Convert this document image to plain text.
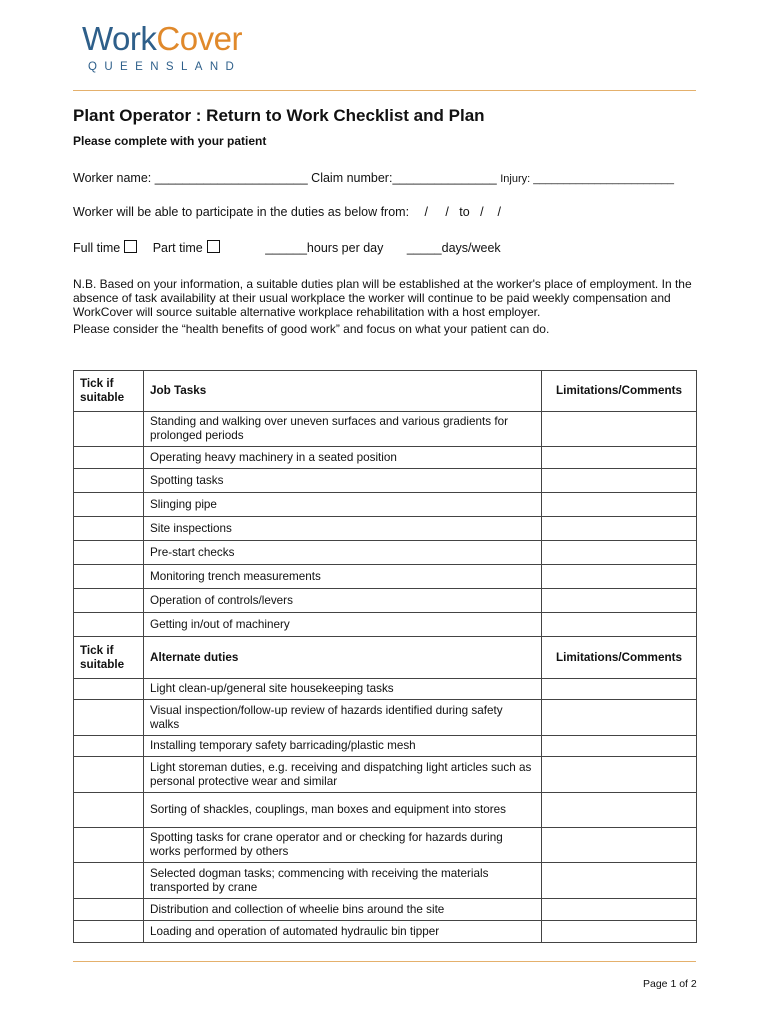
WorkCover
QUEENSLAND
Plant Operator : Return to Work Checklist and Plan
Please complete with your patient
Worker name: ______________________ Claim number:_______________ Injury: _______________________
Worker will be able to participate in the duties as below from: /     /   to   /    /
Full time	Part time	______hours per day _____days/week
N.B. Based on your information, a suitable duties plan will be established at the worker's place of employment. In the absence of task availability at their usual workplace the worker will continue to be paid weekly compensation and WorkCover will source suitable alternative workplace rehabilitation with a host employer.
Please consider the “health benefits of good work” and focus on what your patient can do.
Tick if suitable	Job Tasks	Limitations/Comments
	Standing and walking over uneven surfaces and various gradients for prolonged periods	
	Operating heavy machinery in a seated position	
	Spotting tasks	
	Slinging pipe	
	Site inspections	
	Pre-start checks	
	Monitoring trench measurements	
	Operation of controls/levers	
	Getting in/out of machinery	
Tick if suitable	Alternate duties	Limitations/Comments
	Light clean-up/general site housekeeping tasks	
	Visual inspection/follow-up review of hazards identified during safety walks	
	Installing temporary safety barricading/plastic mesh	
	Light storeman duties, e.g. receiving and dispatching light articles such as personal protective wear and similar	
	Sorting of shackles, couplings, man boxes and equipment into stores	
	Spotting tasks for crane operator and or checking for hazards during works performed by others	
	Selected dogman tasks; commencing with receiving the materials transported by crane	
	Distribution and collection of wheelie bins around the site	
	Loading and operation of automated hydraulic bin tipper	
Page 1 of 2
